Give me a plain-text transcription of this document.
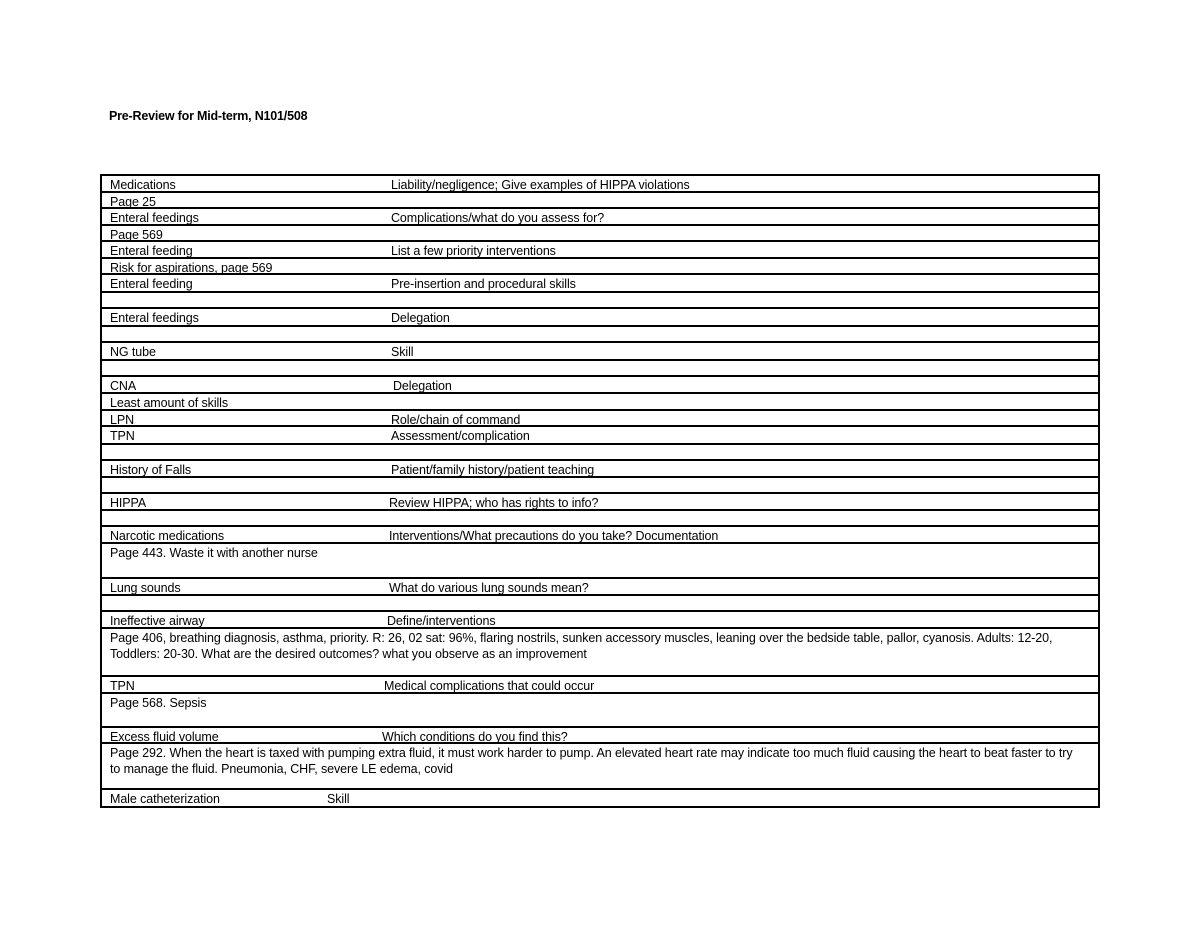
Pre-Review for Mid-term, N101/508
Medications	Liability/negligence; Give examples of HIPPA violations
Page 25
Enteral feedings	Complications/what do you assess for?
Page 569
Enteral feeding	List a few priority interventions
Risk for aspirations, page 569
Enteral feeding	Pre-insertion and procedural skills
Enteral feedings	Delegation
NG tube	Skill
CNA	Delegation
Least amount of skills
LPN	Role/chain of command
TPN	Assessment/complication
History of Falls	Patient/family history/patient teaching
HIPPA	Review HIPPA; who has rights to info?
Narcotic medications	Interventions/What precautions do you take? Documentation
Page 443. Waste it with another nurse
Lung sounds	What do various lung sounds mean?
Ineffective airway	Define/interventions
Page 406, breathing diagnosis, asthma, priority. R: 26, 02 sat: 96%, flaring nostrils, sunken accessory muscles, leaning over the bedside table, pallor, cyanosis. Adults: 12-20, Toddlers: 20-30. What are the desired outcomes? what you observe as an improvement
TPN	Medical complications that could occur
Page 568. Sepsis
Excess fluid volume	Which conditions do you find this?
Page 292. When the heart is taxed with pumping extra fluid, it must work harder to pump. An elevated heart rate may indicate too much fluid causing the heart to beat faster to try to manage the fluid. Pneumonia, CHF, severe LE edema, covid
Male catheterization	Skill
